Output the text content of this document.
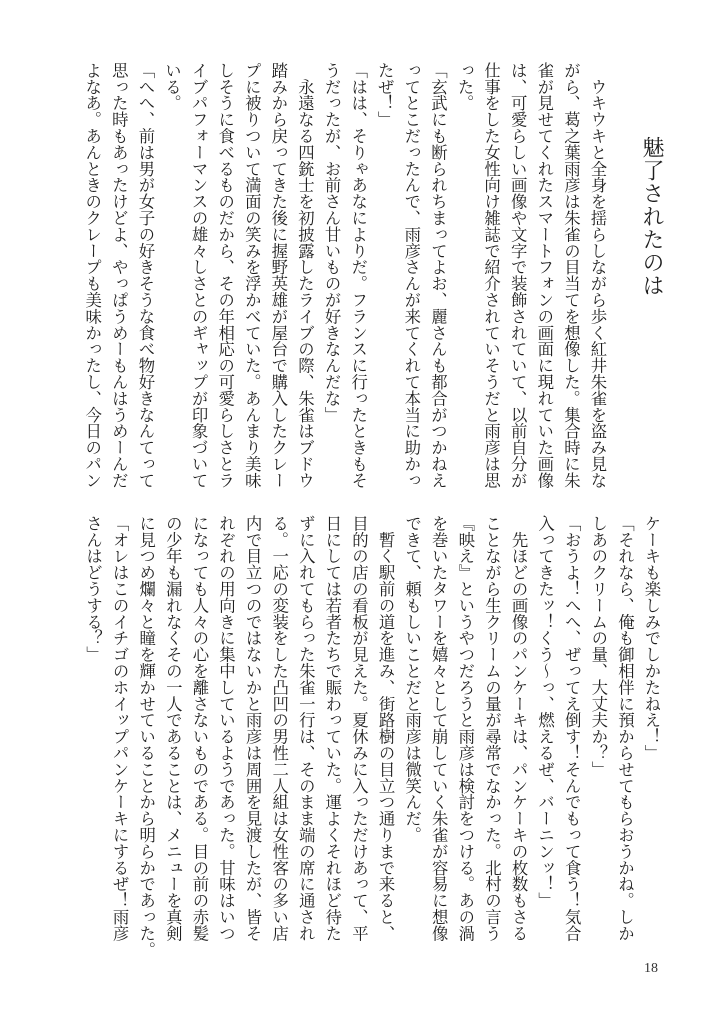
魅了されたのは
　ウキウキと全身を揺らしながら歩く紅井朱雀を盗み見な
がら、葛之葉雨彦は朱雀の目当てを想像した。集合時に朱
雀が見せてくれたスマートフォンの画面に現れていた画像
は、可愛らしい画像や文字で装飾されていて、以前自分が
仕事をした女性向け雑誌で紹介されていそうだと雨彦は思
った。
「玄武にも断られちまってよお、麗さんも都合がつかねえ
ってとこだったんで、雨彦さんが来てくれて本当に助かっ
たぜ！」
「はは、そりゃあなによりだ。フランスに行ったときもそ
うだったが、お前さん甘いものが好きなんだな」
　永遠なる四銃士を初披露したライブの際、朱雀はブドウ
踏みから戻ってきた後に握野英雄が屋台で購入したクレー
プに被りついて満面の笑みを浮かべていた。あんまり美味
しそうに食べるものだから、その年相応の可愛らしさとラ
イブパフォーマンスの雄々しさとのギャップが印象づいて
いる。
「へへ、前は男が女子の好きそうな食べ物好きなんてって
思った時もあったけどよ、やっぱうめーもんはうめーんだ
よなあ。あんときのクレープも美味かったし、今日のパン
ケーキも楽しみでしかたねえ！」
「それなら、俺も御相伴に預からせてもらおうかね。しか
しあのクリームの量、大丈夫か？」
「おうよ！へへ、ぜってえ倒す！そんでもって食う！気合
入ってきたッ！くう〜っ、燃えるぜ、バーニンッ！」
　先ほどの画像のパンケーキは、パンケーキの枚数もさる
ことながら生クリームの量が尋常でなかった。北村の言う
『映え』というやつだろうと雨彦は検討をつける。あの渦
を巻いたタワーを嬉々として崩していく朱雀が容易に想像
できて、頼もしいことだと雨彦は微笑んだ。
　暫く駅前の道を進み、街路樹の目立つ通りまで来ると、
目的の店の看板が見えた。夏休みに入っただけあって、平
日にしては若者たちで賑わっていた。運よくそれほど待た
ずに入れてもらった朱雀一行は、そのまま端の席に通され
る。一応の変装をした凸凹の男性二人組は女性客の多い店
内で目立つのではないかと雨彦は周囲を見渡したが、皆そ
れぞれの用向きに集中しているようであった。甘味はいつ
になっても人々の心を離さないものである。目の前の赤髪
の少年も漏れなくその一人であることは、メニューを真剣
に見つめ爛々と瞳を輝かせていることから明らかであった。
「オレはこのイチゴのホイップパンケーキにするぜ！雨彦
さんはどうする？」
18
